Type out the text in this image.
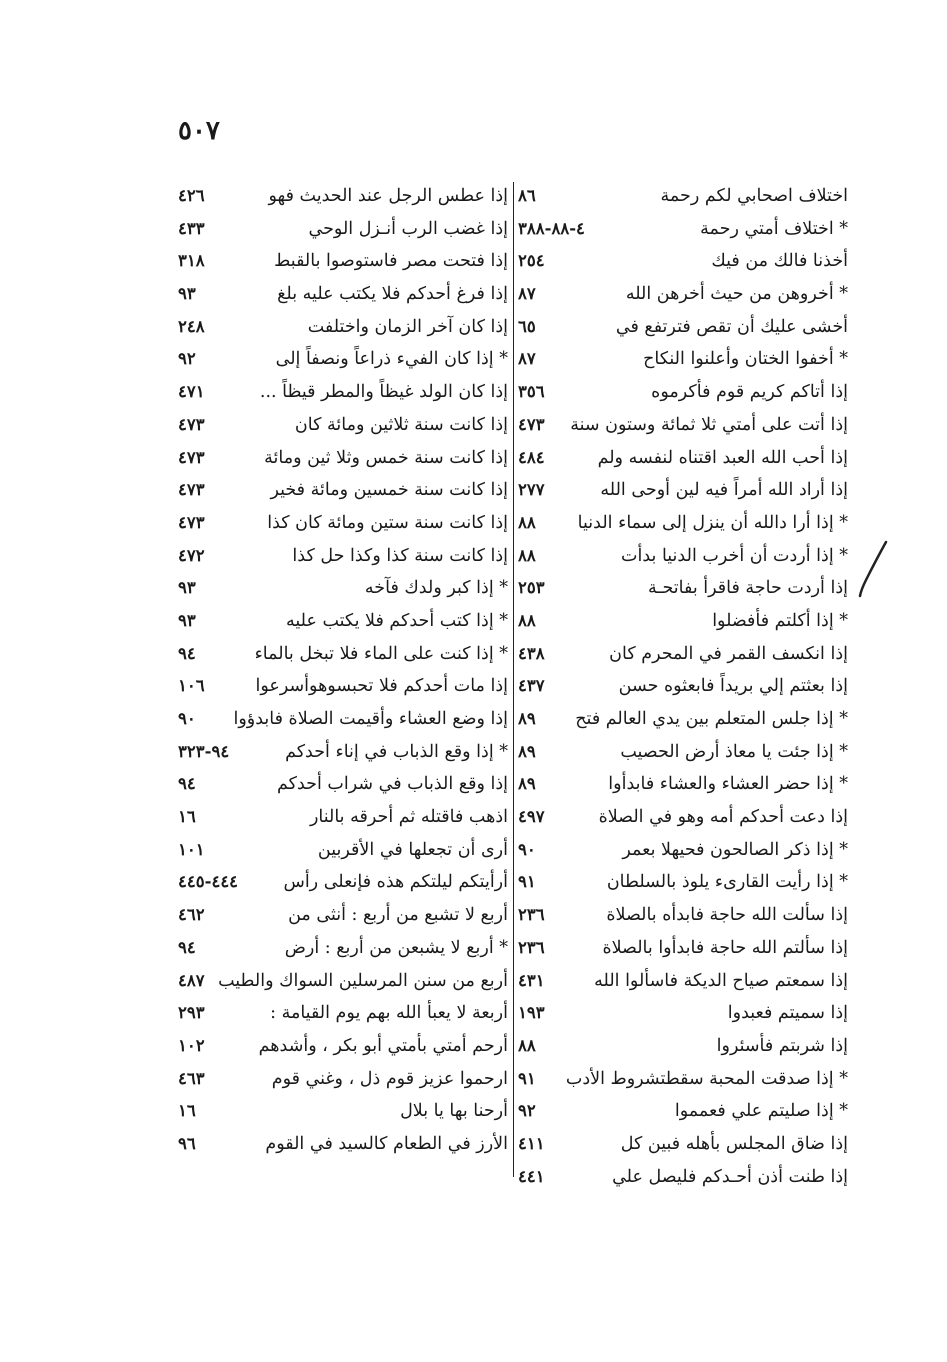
٥٠٧
اختلاف اصحابي لكم رحمة
٨٦
* اختلاف أمتي رحمة
٤-٨٨-٣٨٨
أخذنا فالك من فيك
٢٥٤
* أخروهن من حيث أخرهن الله
٨٧
أخشى عليك أن تقص فترتفع في
٦٥
* أخفوا الختان وأعلنوا النكاح
٨٧
إذا أتاكم كريم قوم فأكرموه
٣٥٦
إذا أتت على أمتي ثلا ثمائة وستون سنة
٤٧٣
إذا أحب الله العبد اقتناه لنفسه ولم
٤٨٤
إذا أراد الله أمراً فيه لين أوحى الله
٢٧٧
* إذا أرا دالله أن ينزل إلى سماء الدنيا
٨٨
* إذا أردت أن أخرب الدنيا بدأت
٨٨
إذا أردت حاجة فاقرأ بفاتحـة
٢٥٣
* إذا أكلتم فأفضلوا
٨٨
إذا انكسف القمر في المحرم كان
٤٣٨
إذا بعثتم إلي بريداً فابعثوه حسن
٤٣٧
* إذا جلس المتعلم بين يدي العالم فتح
٨٩
* إذا جئت يا معاذ أرض الحصيب
٨٩
* إذا حضر العشاء والعشاء فابدأوا
٨٩
إذا دعت أحدكم أمه وهو في الصلاة
٤٩٧
* إذا ذكر الصالحون فحيهلا بعمر
٩٠
* إذا رأيت القارىء يلوذ بالسلطان
٩١
إذا سألت الله حاجة فابدأه بالصلاة
٢٣٦
إذا سألتم الله حاجة فابدأوا بالصلاة
٢٣٦
إذا سمعتم صياح الديكة فاسألوا الله
٤٣١
إذا سميتم فعبدوا
١٩٣
إذا شربتم فأسئروا
٨٨
* إذا صدقت المحبة سقطتشروط الأدب
٩١
* إذا صليتم علي فعمموا
٩٢
إذا ضاق المجلس بأهله فبين كل
٤١١
إذا طنت أذن أحـدكم فليصل علي
٤٤١
إذا عطس الرجل عند الحديث فهو
٤٢٦
إذا غضب الرب أنـزل الوحي
٤٣٣
إذا فتحت مصر فاستوصوا بالقبط
٣١٨
إذا فرغ أحدكم فلا يكتب عليه بلغ
٩٣
إذا كان آخر الزمان واختلفت
٢٤٨
* إذا كان الفيء ذراعاً ونصفاً إلى
٩٢
إذا كان الولد غيظاً والمطر قيظاً ...
٤٧١
إذا كانت سنة ثلاثين ومائة كان
٤٧٣
إذا كانت سنة خمس وثلا ثين ومائة
٤٧٣
إذا كانت سنة خمسين ومائة فخير
٤٧٣
إذا كانت سنة ستين ومائة كان كذا
٤٧٣
إذا كانت سنة كذا وكذا حل كذا
٤٧٢
* إذا كبر ولدك فآخه
٩٣
* إذا كتب أحدكم فلا يكتب عليه
٩٣
* إذا كنت على الماء فلا تبخل بالماء
٩٤
إذا مات أحدكم فلا تحبسوهوأسرعوا
١٠٦
إذا وضع العشاء وأقيمت الصلاة فابدؤوا
٩٠
* إذا وقع الذباب في إناء أحدكم
٩٤-٣٢٣
إذا وقع الذباب في شراب أحدكم
٩٤
اذهب فاقتله ثم أحرقه بالنار
١٦
أرى أن تجعلها في الأقربين
١٠١
أرأيتكم ليلتكم هذه فإنعلى رأس
٤٤٤-٤٤٥
أربع لا تشبع من أربع : أنثى من
٤٦٢
* أربع لا يشبعن من أربع : أرض
٩٤
أربع من سنن المرسلين السواك والطيب
٤٨٧
أربعة لا يعبأ الله بهم يوم القيامة :
٢٩٣
أرحم أمتي بأمتي أبو بكر ، وأشدهم
١٠٢
ارحموا عزيز قوم ذل ، وغني قوم
٤٦٣
أرحنا بها يا بلال
١٦
الأرز في الطعام كالسيد في القوم
٩٦
